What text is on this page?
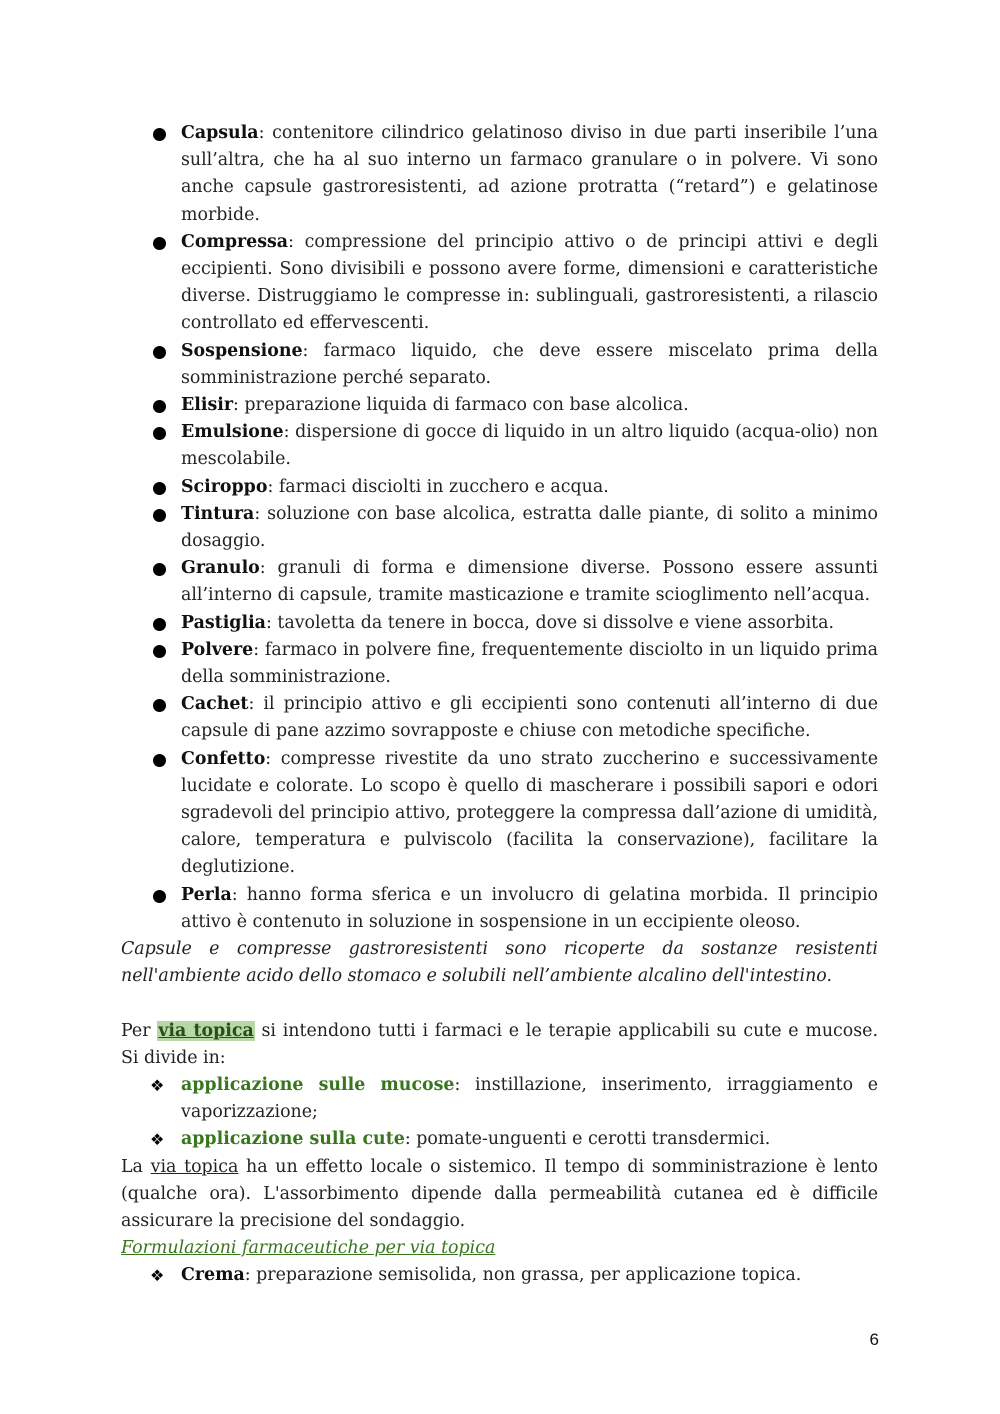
Capsula: contenitore cilindrico gelatinoso diviso in due parti inseribile l’una sull’altra, che ha al suo interno un farmaco granulare o in polvere. Vi sono anche capsule gastroresistenti, ad azione protratta (“retard”) e gelatinose morbide.
Compressa: compressione del principio attivo o de principi attivi e degli eccipienti. Sono divisibili e possono avere forme, dimensioni e caratteristiche diverse. Distruggiamo le compresse in: sublinguali, gastroresistenti, a rilascio controllato ed effervescenti.
Sospensione: farmaco liquido, che deve essere miscelato prima della somministrazione perché separato.
Elisir: preparazione liquida di farmaco con base alcolica.
Emulsione: dispersione di gocce di liquido in un altro liquido (acqua-olio) non mescolabile.
Sciroppo: farmaci disciolti in zucchero e acqua.
Tintura: soluzione con base alcolica, estratta dalle piante, di solito a minimo dosaggio.
Granulo: granuli di forma e dimensione diverse. Possono essere assunti all’interno di capsule, tramite masticazione e tramite scioglimento nell’acqua.
Pastiglia: tavoletta da tenere in bocca, dove si dissolve e viene assorbita.
Polvere: farmaco in polvere fine, frequentemente disciolto in un liquido prima della somministrazione.
Cachet: il principio attivo e gli eccipienti sono contenuti all’interno di due capsule di pane azzimo sovrapposte e chiuse con metodiche specifiche.
Confetto: compresse rivestite da uno strato zuccherino e successivamente lucidate e colorate. Lo scopo è quello di mascherare i possibili sapori e odori sgradevoli del principio attivo, proteggere la compressa dall’azione di umidità, calore, temperatura e pulviscolo (facilita la conservazione), facilitare la deglutizione.
Perla: hanno forma sferica e un involucro di gelatina morbida. Il principio attivo è contenuto in soluzione in sospensione in un eccipiente oleoso.

Capsule e compresse gastroresistenti sono ricoperte da sostanze resistenti nell'ambiente acido dello stomaco e solubili nell’ambiente alcalino dell'intestino.

Per via topica si intendono tutti i farmaci e le terapie applicabili su cute e mucose. Si divide in:

❖ applicazione sulle mucose: instillazione, inserimento, irraggiamento e vaporizzazione;
❖ applicazione sulla cute: pomate-unguenti e cerotti transdermici.

La via topica ha un effetto locale o sistemico. Il tempo di somministrazione è lento (qualche ora). L'assorbimento dipende dalla permeabilità cutanea ed è difficile assicurare la precisione del sondaggio.

Formulazioni farmaceutiche per via topica

❖ Crema: preparazione semisolida, non grassa, per applicazione topica.
6
